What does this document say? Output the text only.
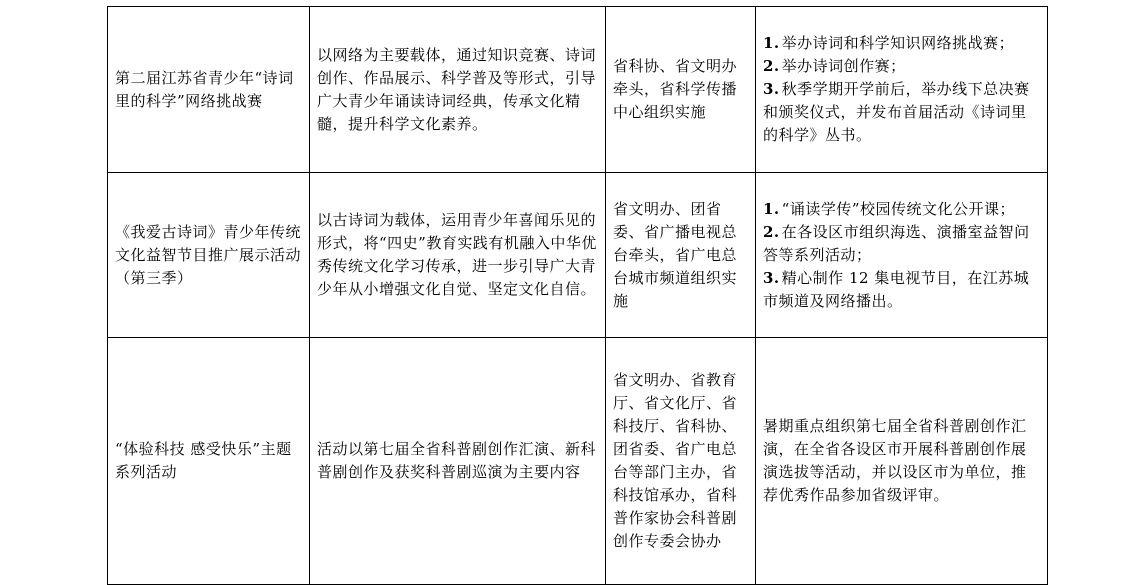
第二届江苏省青少年“诗词里的科学”网络挑战赛	以网络为主要载体，通过知识竞赛、诗词创作、作品展示、科学普及等形式，引导广大青少年诵读诗词经典，传承文化精髓，提升科学文化素养。	省科协、省文明办牵头，省科学传播中心组织实施	1. 举办诗词和科学知识网络挑战赛；
2. 举办诗词创作赛；
3. 秋季学期开学前后，举办线下总决赛和颁奖仪式，并发布首届活动《诗词里的科学》丛书。

《我爱古诗词》青少年传统文化益智节目推广展示活动（第三季）	以古诗词为载体，运用青少年喜闻乐见的形式，将“四史”教育实践有机融入中华优秀传统文化学习传承，进一步引导广大青少年从小增强文化自觉、坚定文化自信。	省文明办、团省委、省广播电视总台牵头，省广电总台城市频道组织实施	1. “诵读学传”校园传统文化公开课；
2. 在各设区市组织海选、演播室益智问答等系列活动；
3. 精心制作 12 集电视节目，在江苏城市频道及网络播出。

“体验科技 感受快乐”主题系列活动	活动以第七届全省科普剧创作汇演、新科普剧创作及获奖科普剧巡演为主要内容	省文明办、省教育厅、省文化厅、省科技厅、省科协、团省委、省广电总台等部门主办，省科技馆承办，省科普作家协会科普剧创作专委会协办	暑期重点组织第七届全省科普剧创作汇演，在全省各设区市开展科普剧创作展演选拔等活动，并以设区市为单位，推荐优秀作品参加省级评审。
